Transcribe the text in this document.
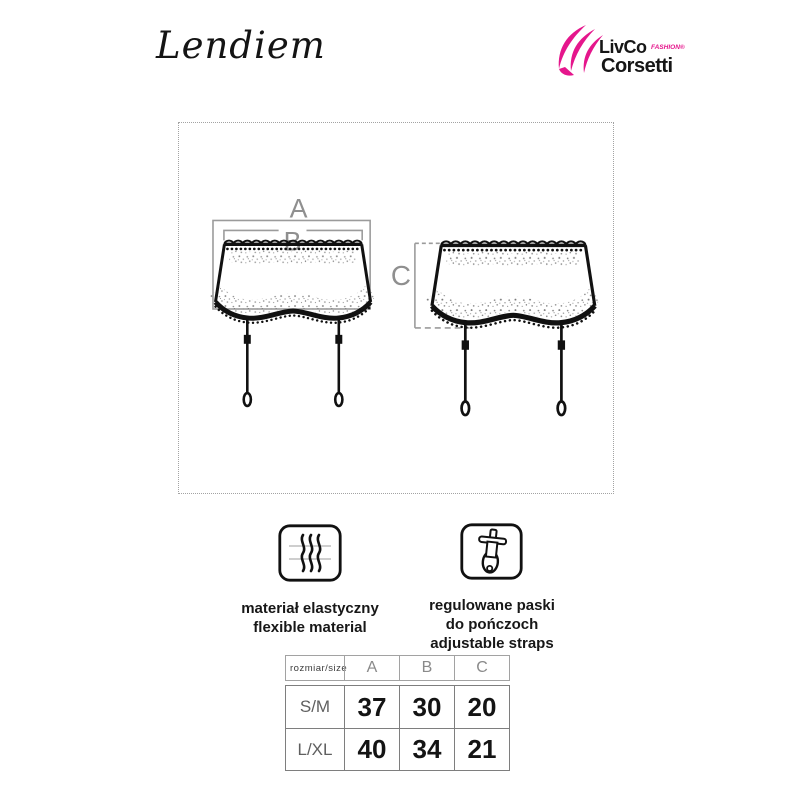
Lendiem	LivCo FASHION®
Corsetti
A
C
materiał elastyczny
flexible material
regulowane paski
do pończoch
adjustable straps
rozmiar/size	A	B	C
S/M	37	30	20
L/XL 40	34	21
